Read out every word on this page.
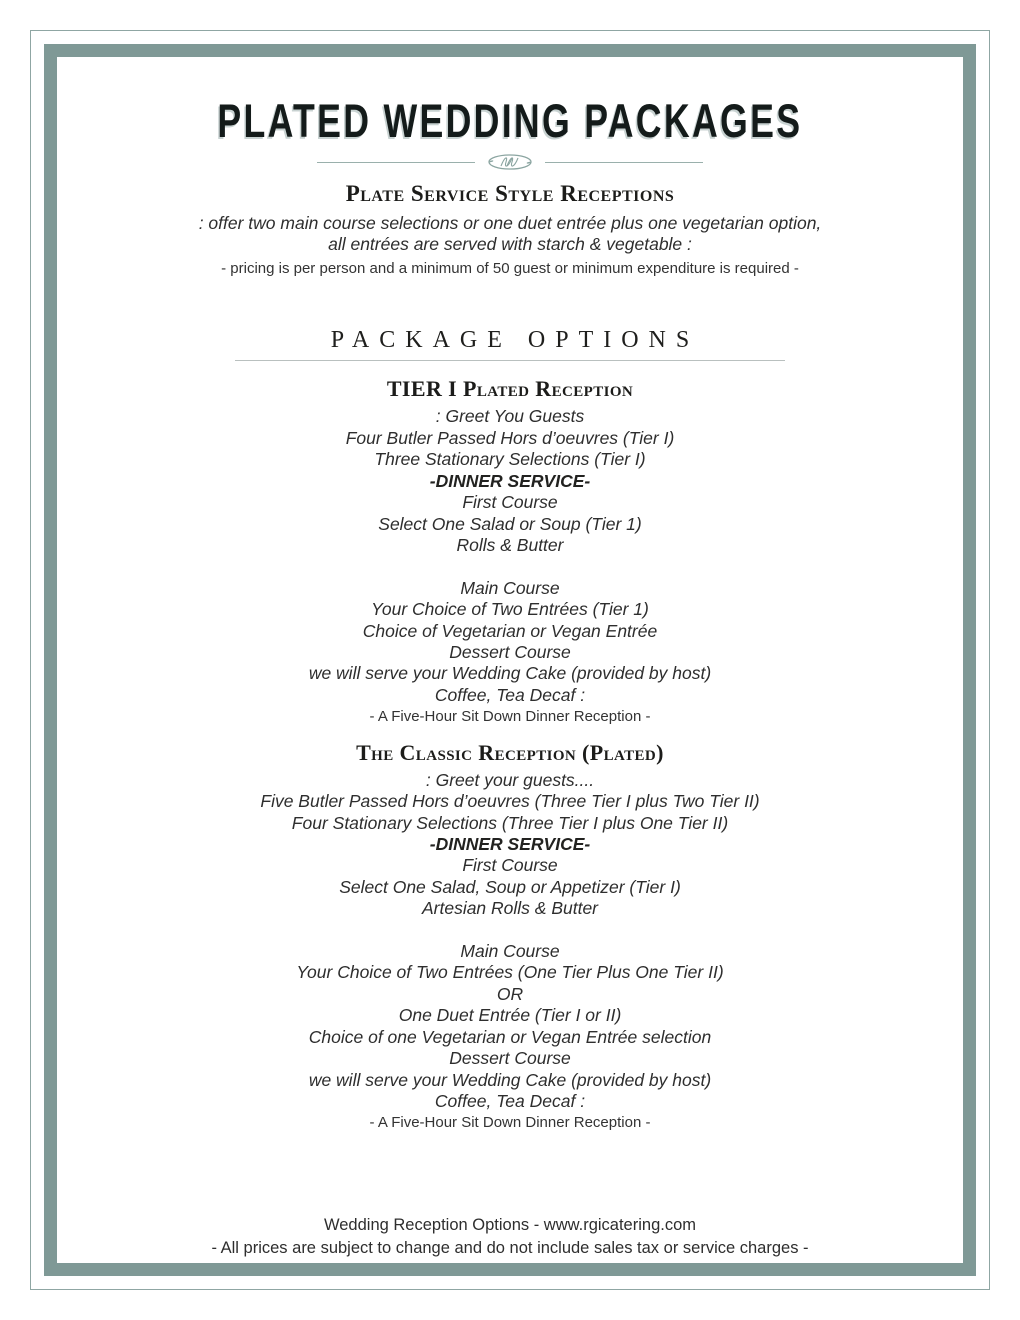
PLATED WEDDING PACKAGES
Plate Service Style Receptions
: offer two main course selections or one duet entrée plus one vegetarian option,
all entrées are served with starch & vegetable :
- pricing is per person and a minimum of 50 guest or minimum expenditure is required -
PACKAGE OPTIONS
TIER I Plated Reception
: Greet You Guests
Four Butler Passed Hors d’oeuvres (Tier I)
Three Stationary Selections (Tier I)
-DINNER SERVICE-
First Course
Select One Salad or Soup (Tier 1)
Rolls & Butter
Main Course
Your Choice of Two Entrées (Tier 1)
Choice of Vegetarian or Vegan Entrée
Dessert Course
we will serve your Wedding Cake (provided by host)
Coffee, Tea Decaf :
- A Five-Hour Sit Down Dinner Reception -
The Classic Reception (Plated)
: Greet your guests....
Five Butler Passed Hors d’oeuvres (Three Tier I plus Two Tier II)
Four Stationary Selections (Three Tier I plus One Tier II)
-DINNER SERVICE-
First Course
Select One Salad, Soup or Appetizer (Tier I)
Artesian Rolls & Butter
Main Course
Your Choice of Two Entrées (One Tier Plus One Tier II)
OR
One Duet Entrée (Tier I or II)
Choice of one Vegetarian or Vegan Entrée selection
Dessert Course
we will serve your Wedding Cake (provided by host)
Coffee, Tea Decaf :
- A Five-Hour Sit Down Dinner Reception -
Wedding Reception Options - www.rgicatering.com
- All prices are subject to change and do not include sales tax or service charges -
